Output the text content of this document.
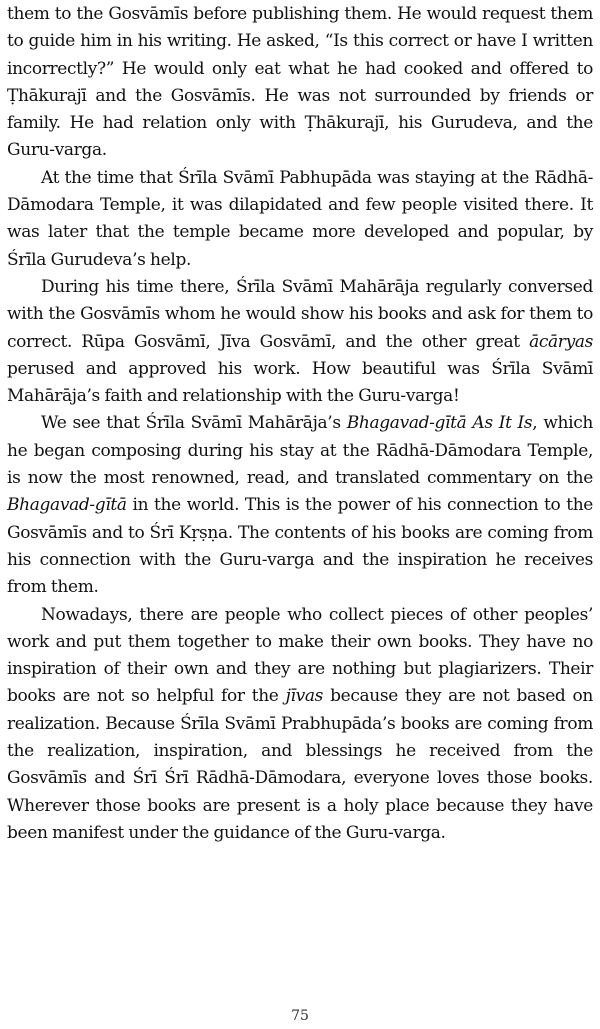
them to the Gosvāmīs before publishing them. He would request them to guide him in his writing. He asked, “Is this correct or have I written incorrectly?” He would only eat what he had cooked and offered to Ṭhākurajī and the Gosvāmīs. He was not surrounded by friends or family. He had relation only with Ṭhākurajī, his Gurudeva, and the Guru-varga.

At the time that Śrīla Svāmī Pabhupāda was staying at the Rādhā-Dāmodara Temple, it was dilapidated and few people visited there. It was later that the temple became more developed and popular, by Śrīla Gurudeva’s help.

During his time there, Śrīla Svāmī Mahārāja regularly conversed with the Gosvāmīs whom he would show his books and ask for them to correct. Rūpa Gosvāmī, Jīva Gosvāmī, and the other great ācāryas perused and approved his work. How beautiful was Śrīla Svāmī Mahārāja’s faith and relationship with the Guru-varga!

We see that Śrīla Svāmī Mahārāja’s Bhagavad-gītā As It Is, which he began composing during his stay at the Rādhā-Dāmodara Temple, is now the most renowned, read, and translated commentary on the Bhagavad-gītā in the world. This is the power of his connection to the Gosvāmīs and to Śrī Kṛṣṇa. The contents of his books are coming from his connection with the Guru-varga and the inspiration he receives from them.

Nowadays, there are people who collect pieces of other peoples’ work and put them together to make their own books. They have no inspiration of their own and they are nothing but plagiarizers. Their books are not so helpful for the jīvas because they are not based on realization. Because Śrīla Svāmī Prabhupāda’s books are coming from the realization, inspiration, and blessings he received from the Gosvāmīs and Śrī Śrī Rādhā-Dāmodara, everyone loves those books. Wherever those books are present is a holy place because they have been manifest under the guidance of the Guru-varga.

75
